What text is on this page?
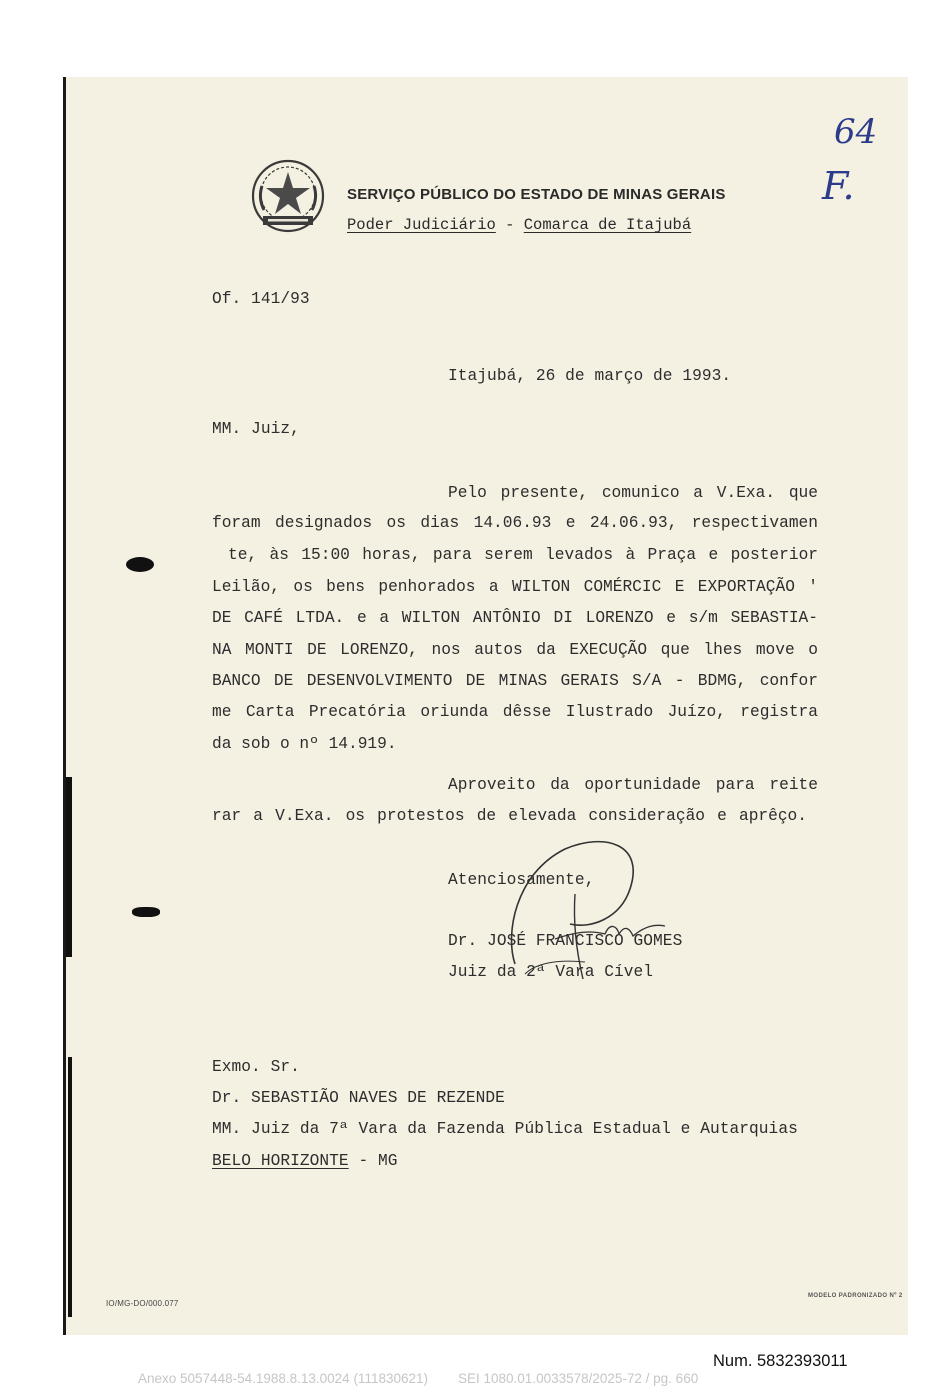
SERVIÇO PÚBLICO DO ESTADO DE MINAS GERAIS
Poder Judiciário - Comarca de Itajubá
64
F.
Of. 141/93
Itajubá, 26 de março de 1993.
MM. Juiz,
Pelo presente, comunico a V.Exa. que
foram designados os dias 14.06.93 e 24.06.93, respectivamen
te, às 15:00 horas, para serem levados à Praça e posterior
Leilão, os bens penhorados a WILTON COMÉRCIC E EXPORTAÇÃO '
DE CAFÉ LTDA. e a WILTON ANTÔNIO DI LORENZO e s/m SEBASTIA-
NA MONTI DE LORENZO, nos autos da EXECUÇÃO que lhes move o
BANCO DE DESENVOLVIMENTO DE MINAS GERAIS S/A - BDMG, confor
me Carta Precatória oriunda dêsse Ilustrado Juízo, registra
da sob o nº 14.919.
Aproveito da oportunidade para reite
rar a V.Exa. os protestos de elevada consideração e aprêço.
Atenciosamente,
Dr. JOSÉ FRANCISCO GOMES
Juiz da 2ª Vara Cível
Exmo. Sr.
Dr. SEBASTIÃO NAVES DE REZENDE
MM. Juiz da 7ª Vara da Fazenda Pública Estadual e Autarquias
BELO HORIZONTE - MG
IO/MG-DO/000.077
MODELO PADRONIZADO Nº 2
Num. 5832393011
Anexo 5057448-54.1988.8.13.0024 (111830621)        SEI 1080.01.0033578/2025-72 / pg. 660
